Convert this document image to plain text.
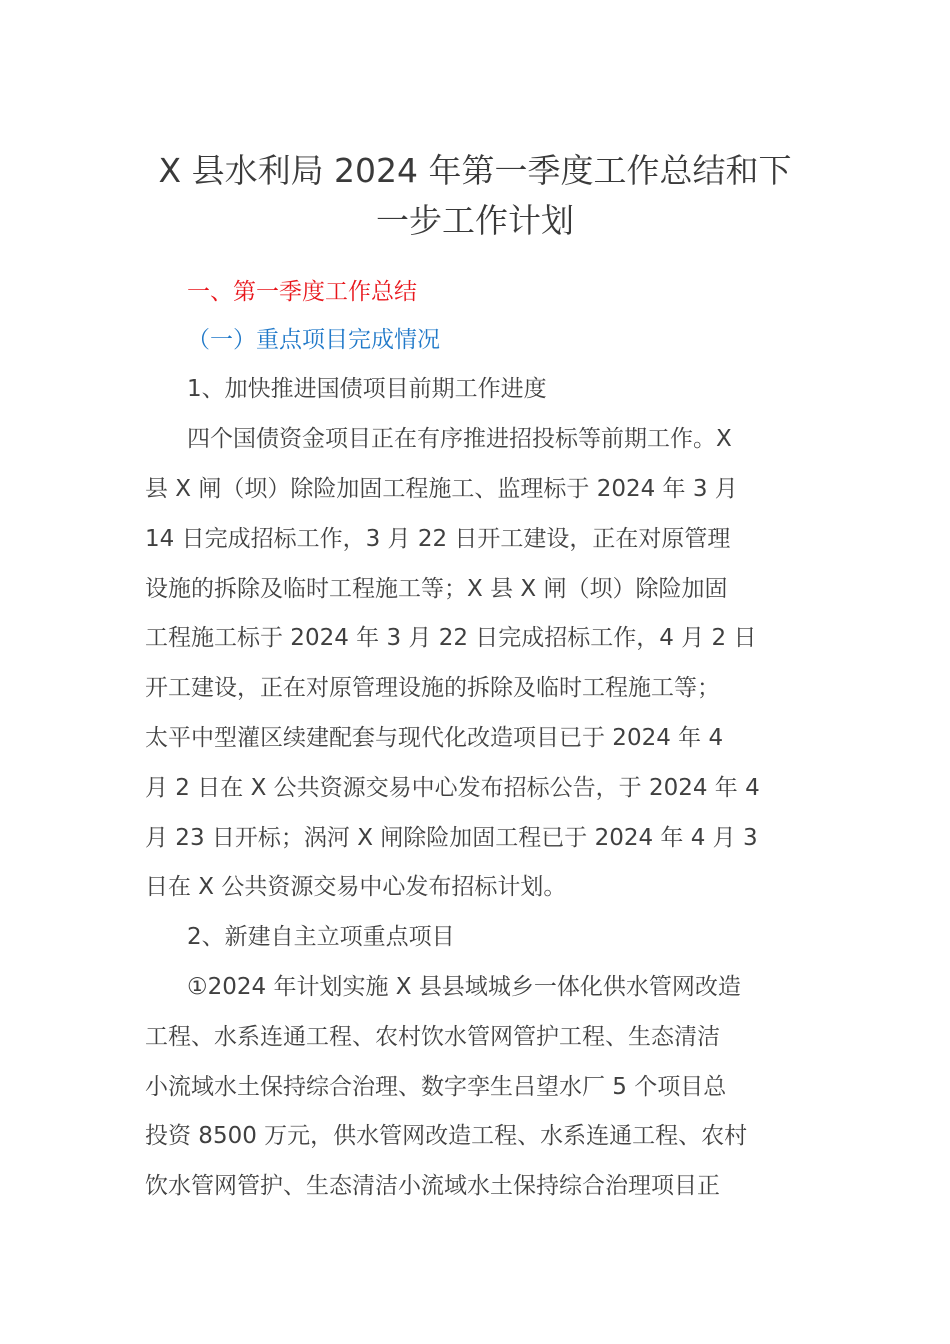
X 县水利局 2024 年第一季度工作总结和下
一步工作计划
一、第一季度工作总结
（一）重点项目完成情况
1、加快推进国债项目前期工作进度
四个国债资金项目正在有序推进招投标等前期工作。X
县 X 闸（坝）除险加固工程施工、监理标于 2024 年 3 月
14 日完成招标工作，3 月 22 日开工建设，正在对原管理
设施的拆除及临时工程施工等；X 县 X 闸（坝）除险加固
工程施工标于 2024 年 3 月 22 日完成招标工作，4 月 2 日
开工建设，正在对原管理设施的拆除及临时工程施工等；
太平中型灌区续建配套与现代化改造项目已于 2024 年 4
月 2 日在 X 公共资源交易中心发布招标公告，于 2024 年 4
月 23 日开标；涡河 X 闸除险加固工程已于 2024 年 4 月 3
日在 X 公共资源交易中心发布招标计划。
2、新建自主立项重点项目
①2024 年计划实施 X 县县域城乡一体化供水管网改造
工程、水系连通工程、农村饮水管网管护工程、生态清洁
小流域水土保持综合治理、数字孪生吕望水厂 5 个项目总
投资 8500 万元，供水管网改造工程、水系连通工程、农村
饮水管网管护、生态清洁小流域水土保持综合治理项目正
